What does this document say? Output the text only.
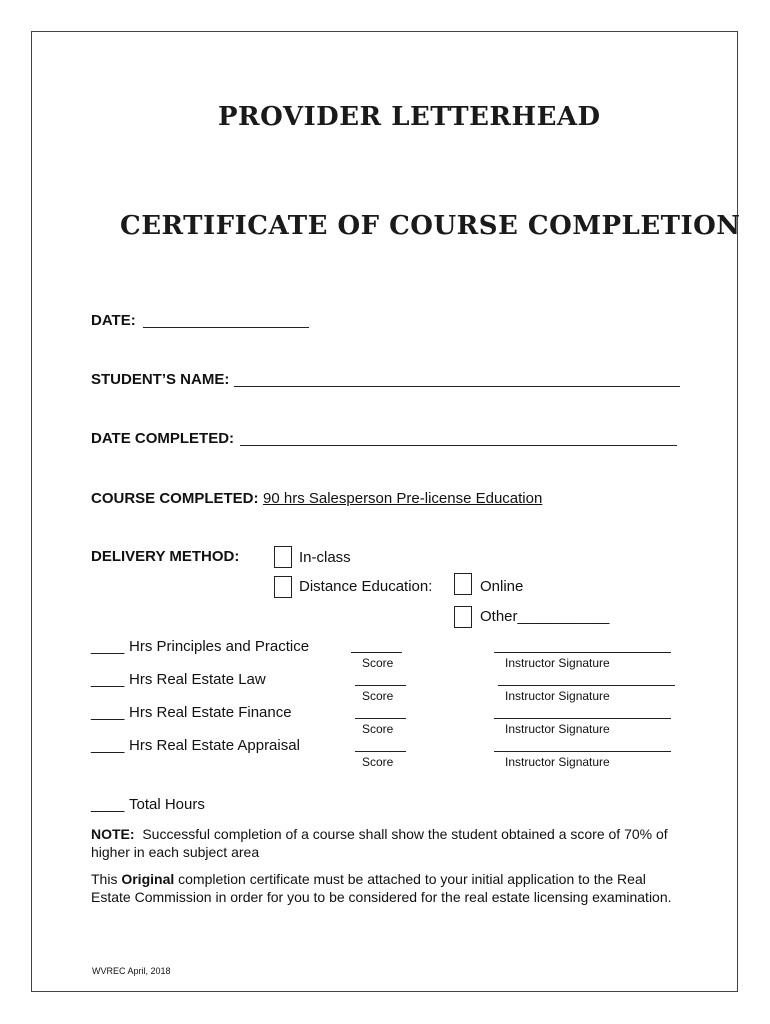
PROVIDER LETTERHEAD
CERTIFICATE OF COURSE COMPLETION
DATE:
STUDENT’S NAME:
DATE COMPLETED:
COURSE COMPLETED: 90 hrs Salesperson Pre-license Education
DELIVERY METHOD:	In-class
Distance Education:	Online
Other___________
____ Hrs Principles and Practice
Score	Instructor Signature
____ Hrs Real Estate Law
Score	Instructor Signature
____ Hrs Real Estate Finance
Score	Instructor Signature
____ Hrs Real Estate Appraisal
Score	Instructor Signature
____ Total Hours
NOTE: Successful completion of a course shall show the student obtained a score of 70% of
higher in each subject area
This Original completion certificate must be attached to your initial application to the Real
Estate Commission in order for you to be considered for the real estate licensing examination.
WVREC April, 2018
